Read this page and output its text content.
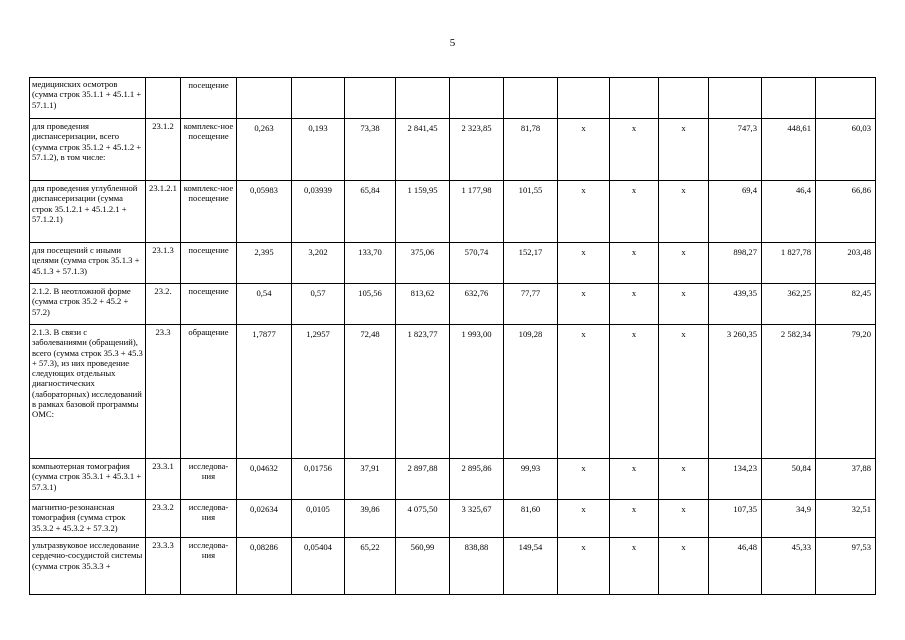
5
медицинских осмотров (сумма строк 35.1.1 + 45.1.1 + 57.1.1)		посещение												
для проведения диспансеризации, всего (сумма строк 35.1.2 + 45.1.2 + 57.1.2), в том числе:	23.1.2	комплекс-ное посещение	0,263	0,193	73,38	2 841,45	2 323,85	81,78	x	x	x	747,3	448,61	60,03
для проведения углубленной диспансеризации (сумма строк 35.1.2.1 + 45.1.2.1 + 57.1.2.1)	23.1.2.1	комплекс-ное посещение	0,05983	0,03939	65,84	1 159,95	1 177,98	101,55	x	x	x	69,4	46,4	66,86
для посещений с иными целями (сумма строк 35.1.3 + 45.1.3 + 57.1.3)	23.1.3	посещение	2,395	3,202	133,70	375,06	570,74	152,17	x	x	x	898,27	1 827,78	203,48
2.1.2. В неотложной форме (сумма строк 35.2 + 45.2 + 57.2)	23.2.	посещение	0,54	0,57	105,56	813,62	632,76	77,77	x	x	x	439,35	362,25	82,45
2.1.3. В связи с заболеваниями (обращений), всего (сумма строк 35.3 + 45.3 + 57.3), из них проведение следующих отдельных диагностических (лабораторных) исследований в рамках базовой программы ОМС:	23.3	обращение	1,7877	1,2957	72,48	1 823,77	1 993,00	109,28	x	x	x	3 260,35	2 582,34	79,20
компьютерная томография (сумма строк 35.3.1 + 45.3.1 + 57.3.1)	23.3.1	исследова-ния	0,04632	0,01756	37,91	2 897,88	2 895,86	99,93	x	x	x	134,23	50,84	37,88
магнитно-резонансная томография (сумма строк 35.3.2 + 45.3.2 + 57.3.2)	23.3.2	исследова-ния	0,02634	0,0105	39,86	4 075,50	3 325,67	81,60	x	x	x	107,35	34,9	32,51
ультразвуковое исследование сердечно-сосудистой системы (сумма строк 35.3.3 +	23.3.3	исследова-ния	0,08286	0,05404	65,22	560,99	838,88	149,54	x	x	x	46,48	45,33	97,53
